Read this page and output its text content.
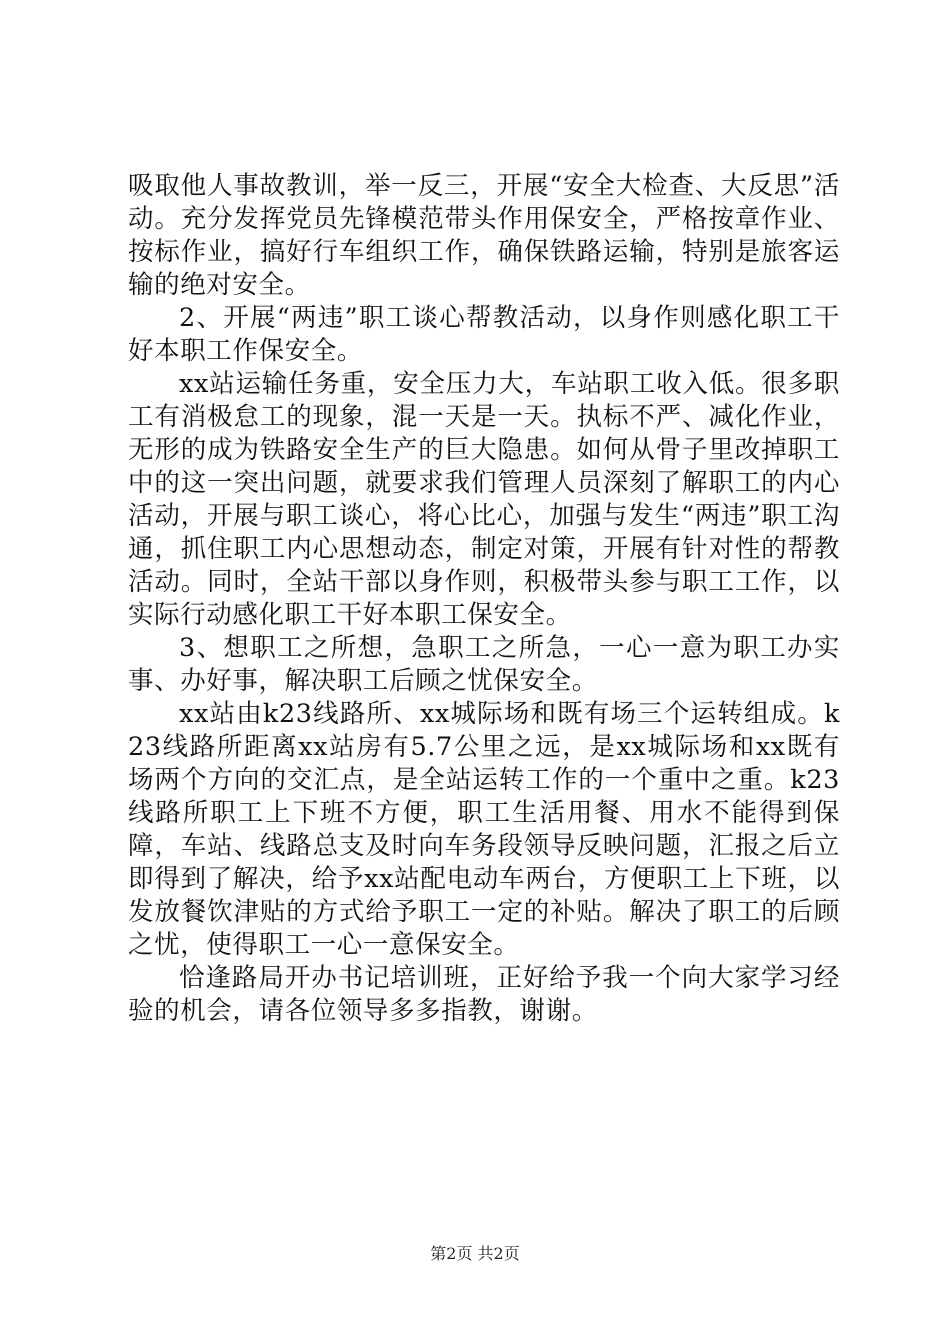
吸取他人事故教训，举一反三，开展“安全大检查、大反思”活动。充分发挥党员先锋模范带头作用保安全，严格按章作业、按标作业，搞好行车组织工作，确保铁路运输，特别是旅客运输的绝对安全。

2、开展“两违”职工谈心帮教活动，以身作则感化职工干好本职工作保安全。

xx站运输任务重，安全压力大，车站职工收入低。很多职工有消极怠工的现象，混一天是一天。执标不严、减化作业，无形的成为铁路安全生产的巨大隐患。如何从骨子里改掉职工中的这一突出问题，就要求我们管理人员深刻了解职工的内心活动，开展与职工谈心，将心比心，加强与发生“两违”职工沟通，抓住职工内心思想动态，制定对策，开展有针对性的帮教活动。同时，全站干部以身作则，积极带头参与职工工作，以实际行动感化职工干好本职工保安全。

3、想职工之所想，急职工之所急，一心一意为职工办实事、办好事，解决职工后顾之忧保安全。

xx站由k23线路所、xx城际场和既有场三个运转组成。k23线路所距离xx站房有5.7公里之远，是xx城际场和xx既有场两个方向的交汇点，是全站运转工作的一个重中之重。k23线路所职工上下班不方便，职工生活用餐、用水不能得到保障，车站、线路总支及时向车务段领导反映问题，汇报之后立即得到了解决，给予xx站配电动车两台，方便职工上下班，以发放餐饮津贴的方式给予职工一定的补贴。解决了职工的后顾之忧，使得职工一心一意保安全。

恰逢路局开办书记培训班，正好给予我一个向大家学习经验的机会，请各位领导多多指教，谢谢。

第2页 共2页
